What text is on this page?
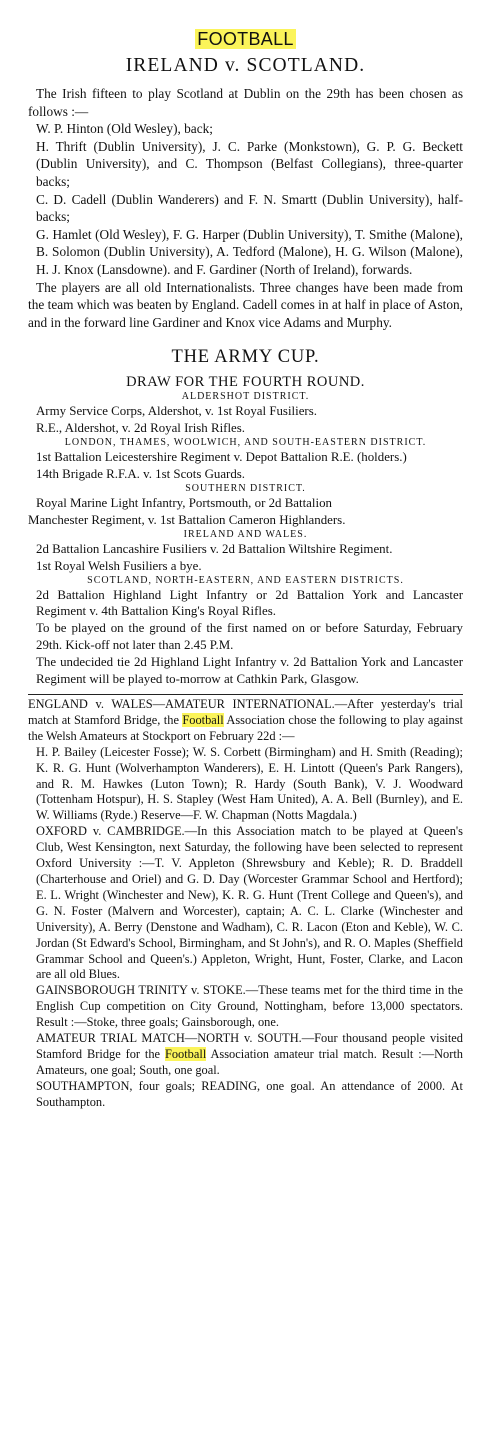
FOOTBALL
IRELAND v. SCOTLAND.

The Irish fifteen to play Scotland at Dublin on the 29th has been chosen as follows :—

W. P. Hinton (Old Wesley), back;

H. Thrift (Dublin University), J. C. Parke (Monkstown), G. P. G. Beckett (Dublin University), and C. Thompson (Belfast Collegians), three-quarter backs;

C. D. Cadell (Dublin Wanderers) and F. N. Smartt (Dublin University), half-backs;

G. Hamlet (Old Wesley), F. G. Harper (Dublin University), T. Smithe (Malone), B. Solomon (Dublin University), A. Tedford (Malone), H. G. Wilson (Malone), H. J. Knox (Lansdowne). and F. Gardiner (North of Ireland), forwards.

The players are all old Internationalists. Three changes have been made from the team which was beaten by England. Cadell comes in at half in place of Aston, and in the forward line Gardiner and Knox vice Adams and Murphy.

THE ARMY CUP.
DRAW FOR THE FOURTH ROUND.
ALDERSHOT DISTRICT.

Army Service Corps, Aldershot, v. 1st Royal Fusiliers.

R.E., Aldershot, v. 2d Royal Irish Rifles.

LONDON, THAMES, WOOLWICH, AND SOUTH-EASTERN DISTRICT.

1st Battalion Leicestershire Regiment v. Depot Battalion R.E. (holders.)

14th Brigade R.F.A. v. 1st Scots Guards.

SOUTHERN DISTRICT.

Royal Marine Light Infantry, Portsmouth, or 2d Battalion

Manchester Regiment, v. 1st Battalion Cameron Highlanders.

IRELAND AND WALES.

2d Battalion Lancashire Fusiliers v. 2d Battalion Wiltshire Regiment.

1st Royal Welsh Fusiliers a bye.

SCOTLAND, NORTH-EASTERN, AND EASTERN DISTRICTS.

2d Battalion Highland Light Infantry or 2d Battalion York and Lancaster Regiment v. 4th Battalion King's Royal Rifles.

To be played on the ground of the first named on or before Saturday, February 29th. Kick-off not later than 2.45 P.M.

The undecided tie 2d Highland Light Infantry v. 2d Battalion York and Lancaster Regiment will be played to-morrow at Cathkin Park, Glasgow.

ENGLAND v. WALES—AMATEUR INTERNATIONAL.—After yesterday's trial match at Stamford Bridge, the Football Association chose the following to play against the Welsh Amateurs at Stockport on February 22d :—

H. P. Bailey (Leicester Fosse); W. S. Corbett (Birmingham) and H. Smith (Reading); K. R. G. Hunt (Wolverhampton Wanderers), E. H. Lintott (Queen's Park Rangers), and R. M. Hawkes (Luton Town); R. Hardy (South Bank), V. J. Woodward (Tottenham Hotspur), H. S. Stapley (West Ham United), A. A. Bell (Burnley), and E. W. Williams (Ryde.) Reserve—F. W. Chapman (Notts Magdala.)

OXFORD v. CAMBRIDGE.—In this Association match to be played at Queen's Club, West Kensington, next Saturday, the following have been selected to represent Oxford University :—T. V. Appleton (Shrewsbury and Keble); R. D. Braddell (Charterhouse and Oriel) and G. D. Day (Worcester Grammar School and Hertford); E. L. Wright (Winchester and New), K. R. G. Hunt (Trent College and Queen's), and G. N. Foster (Malvern and Worcester), captain; A. C. L. Clarke (Winchester and University), A. Berry (Denstone and Wadham), C. R. Lacon (Eton and Keble), W. C. Jordan (St Edward's School, Birmingham, and St John's), and R. O. Maples (Sheffield Grammar School and Queen's.) Appleton, Wright, Hunt, Foster, Clarke, and Lacon are all old Blues.

GAINSBOROUGH TRINITY v. STOKE.—These teams met for the third time in the English Cup competition on City Ground, Nottingham, before 13,000 spectators. Result :—Stoke, three goals; Gainsborough, one.

AMATEUR TRIAL MATCH—NORTH v. SOUTH.—Four thousand people visited Stamford Bridge for the Football Association amateur trial match. Result :—North Amateurs, one goal; South, one goal.

SOUTHAMPTON, four goals; READING, one goal. An attendance of 2000. At Southampton.
